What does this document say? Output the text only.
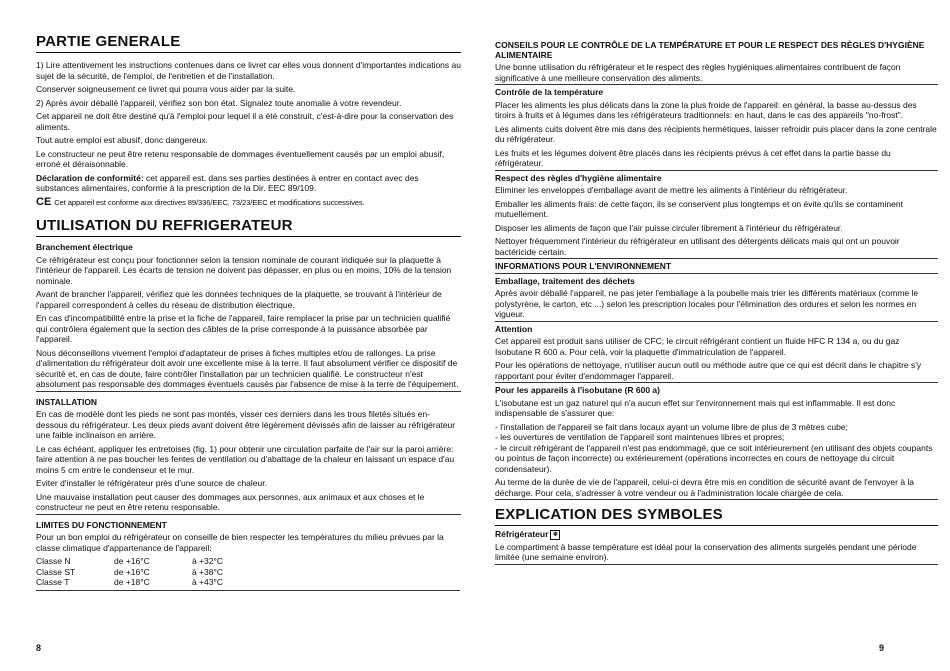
PARTIE GENERALE

1) Lire attentivement les instructions contenues dans ce livret car elles vous donnent d'importantes indications au sujet de la sécurité, de l'emploi, de l'entretien et de l'installation.

Conserver soigneusement ce livret qui pourra vous aider par la suite.

2) Après avoir déballé l'appareil, vérifiez son bon état. Signalez toute anomalie à votre revendeur.

Cet appareil ne doit être destiné qu'à l'emploi pour lequel il a été construit, c'est-à-dire pour la conservation des aliments.

Tout autre emploi est abusif, donc dangereux.

Le constructeur ne peut être retenu responsable de dommages éventuellement causés par un emploi abusif, erroné et déraisonnable.

Déclaration de conformité: cet appareil est, dans ses parties destinées à entrer en contact avec des substances alimentaires, conforme à la prescription de la Dir. EEC 89/109.

CE Cet appareil est conforme aux directives 89/336/EEC, 73/23/EEC et modifications successives.

UTILISATION DU REFRIGERATEUR
Branchement électrique

Ce réfrigérateur est conçu pour fonctionner selon la tension nominale de courant indiquée sur la plaquette à l'intérieur de l'appareil. Les écarts de tension ne doivent pas dépasser, en plus ou en moins, 10% de la tension nominale.

Avant de brancher l'appareil, vérifiez que les données techniques de la plaquette, se trouvant à l'intérieur de l'appareil correspondent à celles du réseau de distribution électrique.

En cas d'incompatibilité entre la prise et la fiche de l'appareil, faire remplacer la prise par un technicien qualifié qui contrôlera également que la section des câbles de la prise corresponde à la puissance absorbée par l'appareil.

Nous déconseillons vivement l'emploi d'adaptateur de prises à fiches multiples et/ou de rallonges. La prise d'alimentation du réfrigérateur doit avoir une excellente mise à la terre. Il faut absolument vérifier ce dispositif de sécurité et, en cas de doute, faire contrôler l'installation par un technicien qualifié. Le constructeur n'est absolument pas responsable des dommages éventuels causés par l'absence de mise à la terre de l'équipement.

INSTALLATION

En cas de modèle dont les pieds ne sont pas montés, visser ces derniers dans les trous filetés situés en-dessous du réfrigérateur. Les deux pieds avant doivent être légèrement dévissés afin de laisser au réfrigérateur une faible inclinaison en arrière.

Le cas échéant, appliquer les entretoises (fig. 1) pour obtenir une circulation parfaite de l'air sur la paroi arrière: faire attention à ne pas boucher les fentes de ventilation ou d'abattage de la chaleur en laissant un espace d'au moins 5 cm entre le condenseur et le mur.

Eviter d'installer le réfrigérateur près d'une source de chaleur.

Une mauvaise installation peut causer des dommages aux personnes, aux animaux et aux choses et le constructeur ne peut en être retenu responsable.

LIMITES DU FONCTIONNEMENT

Pour un bon emploi du réfrigérateur on conseille de bien respecter les températures du milieu prévues par la classe climatique d'appartenance de l'appareil:

Classe N	de +16°C	à +32°C
Classe ST	de +16°C	à +38°C
Classe T	de +18°C	à +43°C
8
CONSEILS POUR LE CONTRÔLE DE LA TEMPÉRATURE ET POUR LE RESPECT DES RÈGLES D'HYGIÈNE ALIMENTAIRE

Une bonne utilisation du réfrigérateur et le respect des règles hygiéniques alimentaires contribuent de façon significative à une meilleure conservation des aliments.

Contrôle de la température

Placer les aliments les plus délicats dans la zone la plus froide de l'appareil: en général, la basse au-dessus des tiroirs à fruits et à légumes dans les réfrigérateurs traditionnels: en haut, dans le cas des appareils "no-frost".

Les aliments cuits doivent être mis dans des récipients hermétiques, laisser refroidir puis placer dans la zone centrale du réfrigérateur.

Les fruits et les légumes doivent être placés dans les récipients prévus à cet effet dans la partie basse du réfrigérateur.

Respect des règles d'hygiène alimentaire

Eliminer les enveloppes d'emballage avant de mettre les aliments à l'intérieur du réfrigérateur.

Emballer les aliments frais: de cette façon, ils se conservent plus longtemps et on évite qu'ils se contaminent mutuellement.

Disposer les aliments de façon que l'air puisse circuler librement à l'intérieur du réfrigérateur.

Nettoyer fréquemment l'intérieur du réfrigérateur en utilisant des détergents délicats mais qui ont un pouvoir bactéricide certain.

INFORMATIONS POUR L'ENVIRONNEMENT
Emballage, traitement des déchets

Après avoir déballé l'appareil, ne pas jeter l'emballage à la poubelle mais trier les différents matériaux (comme le polystyrène, le carton, etc ...) selon les prescription locales pour l'élimination des ordures et selon les normes en vigueur.

Attention

Cet appareil est produit sans utiliser de CFC; le circuit réfrigérant contient un fluide HFC R 134 a, ou du gaz Isobutane R 600 a. Pour celà, voir la plaquette d'immatriculation de l'appareil.

Pour les opérations de nettoyage, n'utiliser aucun outil ou méthode autre que ce qui est décrit dans le chapitre s'y rapportant pour éviter d'endommager l'appareil.

Pour les appareils à l'isobutane (R 600 a)

L'isobutane est un gaz naturel qui n'a aucun effet sur l'environnement mais qui est inflammable. Il est donc indispensable de s'assurer que:

- l'installation de l'appareil se fait dans locaux ayant un volume libre de plus de 3 mètres cube;

- les ouvertures de ventilation de l'appareil sont maintenues libres et propres;

- le circuit réfrigérant de l'appareil n'est pas endommagé, que ce soit intérieurement (en utilisant des objets coupants ou pointus de façon incorrecte) ou extérieurement (opérations incorrectes en cours de nettoyage du circuit condensateur).

Au terme de la durée de vie de l'appareil, celui-ci devra être mis en condition de sécurité avant de l'envoyer à la décharge. Pour cela, s'adresser à votre vendeur ou à l'administration locale chargée de cela.

EXPLICATION DES SYMBOLES
Réfrigérateur ❄

Le compartiment à basse température est idéal pour la conservation des aliments surgelés pendant une période limitée (une semaine environ).

9
